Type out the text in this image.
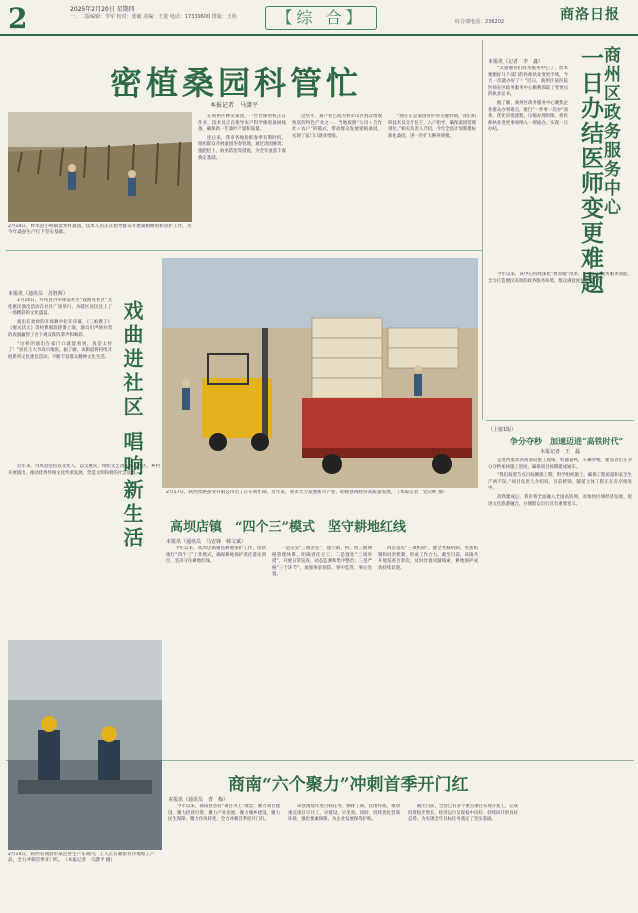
2	2025年2月20日 星期四
一、二版编辑：李军 校对：张敏 美编：王进 电话：17339600 排版：王艳	【综 合】	综合部电话：236202	商洛日报
密植桑园科管忙
本报记者　马潇平
2月14日，柞水县小岭镇金米村桑园，技术人员正在指导群众开展桑树修剪和管护工作，为今年桑蚕生产打下坚实基础。

在商州区林荣桑园，一台台修剪机正在作业，技术员正在指导农户科学修剪桑树枝条，确保新一年桑叶产量和质量。

连日来，我市各地抢抓春季有利时机，组织群众开展桑园冬春管理，通过清园修剪、施肥松土、病虫防治等措施，为全年蚕茧丰收奠定基础。

这些年，桑产业已成为我市山区群众增收致富的特色产业之一。当地按照“公司＋合作社＋农户”的模式，带动群众发展密植桑园，实现了家门口就业增收。

“现在正是桑园管护的关键时期，我们组织技术员分片包干，入户指导，确保桑园管理到位。”相关负责人介绍，今年全县计划新建标准化桑园，进一步扩大种养规模。	商州区政务服务中心
一日办结医师变更难题
本报讯（记者　李　鑫）

“太感谢你们政务服务中心了，原本要跑好几个部门的医师执业变更手续，今天一次就办好了！”近日，商州区某医院医师在区政务服务中心顺利领取了变更后的执业证书。

据了解，商州区政务服务中心聚焦企业群众办事难点，推行“一件事一次办”改革，优化审批流程，压缩办理时限，将医师执业变更事项纳入一窗通办，实现一日办结。

今年以来，该中心持续深化“放管服”改革，不断提升政务服务效能，全力打造便民高效的政务服务环境，群众满意度显著提升。

（上接1版）
争分夺秒　加速迈进“高铁时代”
本报记者　王　磊

走进西康高铁商洛段施工现场，机器轰鸣，车辆穿梭，建设者们正争分夺秒加快施工进度，确保项目按期建成通车。

“我们按照节点目标倒排工期，科学组织施工，确保工程质量和安全生产两不误。”项目负责人介绍说，目前桥梁、隧道主体工程正在有序推进中。

高铁建成后，我市将全面融入全国高铁网，对加快区域经济发展、促进文化旅游融合、方便群众出行具有重要意义。

本报讯（通讯员　苏胜辉）

2月14日，丹凤县丹华街道社区“戏曲进社区”文化惠民演出活动在社区广场举行，为辖区居民送上了一场精彩的文化盛宴。

演出在欢快的开场舞中拉开序幕，《三娘教子》《屠夫状元》等经典唱段轮番上演，演员们声情并茂的表演赢得了台下观众阵阵掌声和喝彩。

“这样的演出在家门口就能看到，真是太好了！”居民王大爷高兴地说。据了解，该街道将持续开展系列文化惠民活动，不断丰富群众精神文化生活。 戏曲进社区 唱响新生活

近年来，丹凤县坚持以文化人、以文惠民，组织文艺团队深入社区、乡村开展演出，推动优秀传统文化传承发展，营造文明和谐的社会氛围。

2月17日，陕西丝路蚕业有限公司员工在车间忙碌。近年来，我市大力发展新兴产业，助推县域经济高质量发展。　（本报记者　党宗彬 摄）
高坝店镇　“四个三”模式　坚守耕地红线
本报讯（通讯员　马安锋　韩文斌）

今年以来，高坝店镇聚焦耕地保护工作，创新推行“四个三”工作模式，确保耕地保护责任落实到位，坚决守住耕地红线。

一是压实“三级责任”，建立镇、村、组三级网格管理体系，明确责任分工；二是强化“三项举措”，开展日常巡查、动态监测和集中整治；三是严格“三个环节”，加强事前预防、事中监管、事后处置。

四是落实“三项机制”，健全考核机制、奖惩机制和问责机制，形成工作合力。截至目前，该镇共开展巡查百余次，及时处置问题线索，耕地保护成效持续显现。

商南“六个聚力”冲刺首季开门红
2月14日，陕西省商洛市某企业生产车间内，工人正在紧张有序地加工产品，全力冲刺首季开门红。　（本报记者　马潇平 摄）
本报讯（通讯员　青　梅）

今年以来，商南县坚持“项目为王”理念，聚力项目建设、聚力招商引资、聚力产业发展、聚力城乡建设、聚力民生保障、聚力作风转变，全力冲刺首季度开门红。

该县围绕年度目标任务，倒排工期、挂图作战，推动重点项目早开工、早建设、早见效。同时，持续优化营商环境，强化要素保障，为企业发展保驾护航。

截至目前，全县已有多个重点项目实现开复工，完成投资稳步增长，经济运行呈现稳中向好、持续回升的良好态势，为实现全年目标任务奠定了坚实基础。
